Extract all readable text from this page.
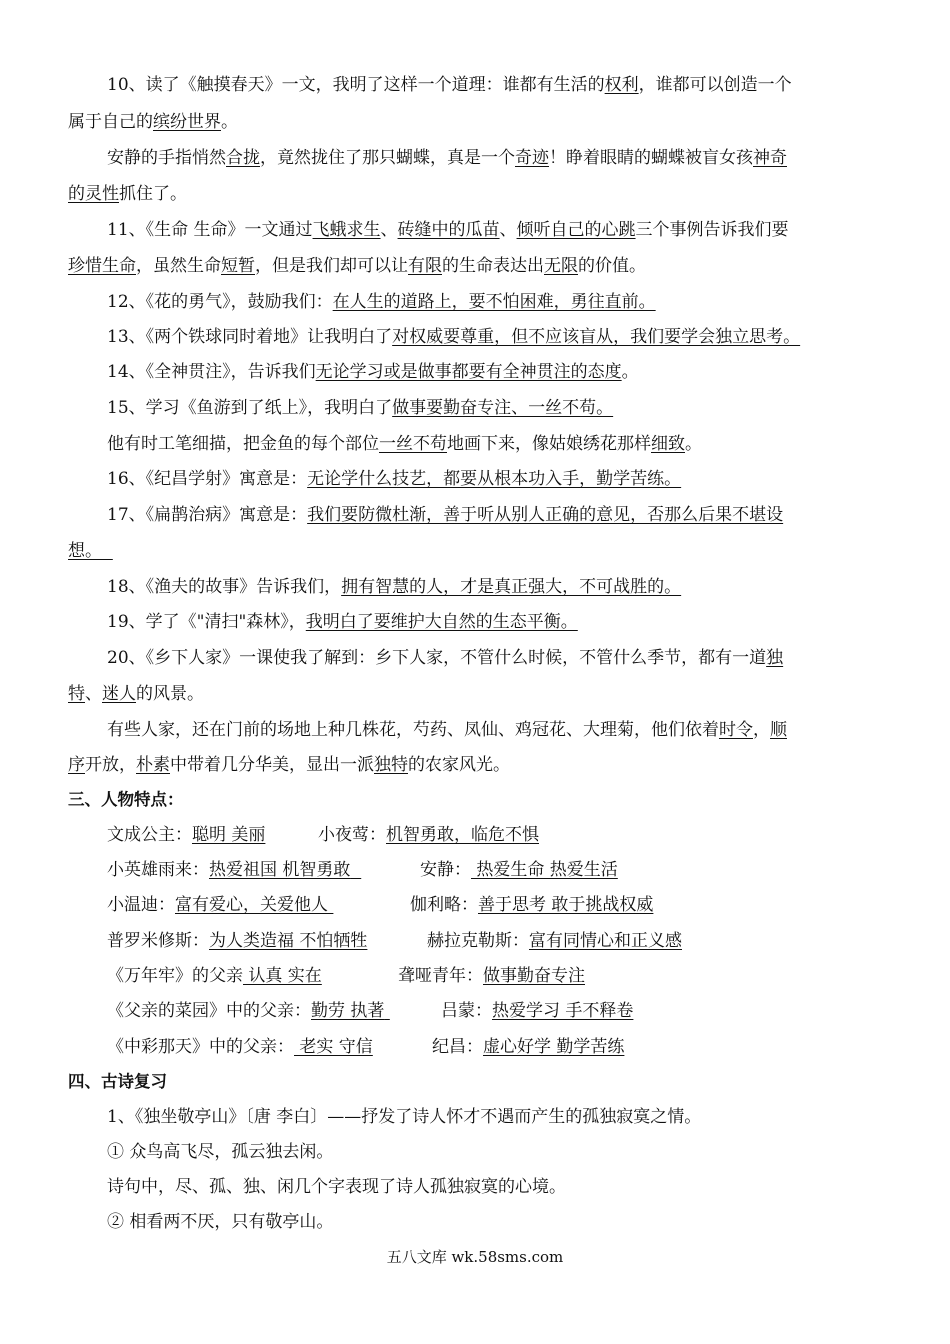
10、读了《触摸春天》一文，我明了这样一个道理：谁都有生活的权利，谁都可以创造一个
属于自己的缤纷世界。
安静的手指悄然合拢，竟然拢住了那只蝴蝶，真是一个奇迹！睁着眼睛的蝴蝶被盲女孩神奇
的灵性抓住了。
11、《生命 生命》一文通过飞蛾求生、砖缝中的瓜苗、倾听自己的心跳三个事例告诉我们要
珍惜生命，虽然生命短暂，但是我们却可以让有限的生命表达出无限的价值。
12、《花的勇气》，鼓励我们：在人生的道路上，要不怕困难，勇往直前。
13、《两个铁球同时着地》让我明白了对权威要尊重，但不应该盲从，我们要学会独立思考。
14、《全神贯注》，告诉我们无论学习或是做事都要有全神贯注的态度。
15、学习《鱼游到了纸上》，我明白了做事要勤奋专注、一丝不苟。
他有时工笔细描，把金鱼的每个部位一丝不苟地画下来，像姑娘绣花那样细致。
16、《纪昌学射》寓意是：无论学什么技艺，都要从根本功入手，勤学苦练。
17、《扁鹊治病》寓意是：我们要防微杜渐，善于听从别人正确的意见，否那么后果不堪设
想。
18、《渔夫的故事》告诉我们，拥有智慧的人，才是真正强大，不可战胜的。
19、学了《"清扫"森林》，我明白了要维护大自然的生态平衡。
20、《乡下人家》一课使我了解到：乡下人家，不管什么时候，不管什么季节，都有一道独
特、迷人的风景。
有些人家，还在门前的场地上种几株花，芍药、凤仙、鸡冠花、大理菊，他们依着时令，顺
序开放，朴素中带着几分华美，显出一派独特的农家风光。
三、人物特点：
文成公主：聪明 美丽	小夜莺：机智勇敢，临危不惧
小英雄雨来：热爱祖国 机智勇敢	安静： 热爱生命 热爱生活
小温迪：富有爱心，关爱他人	伽利略：善于思考 敢于挑战权威
普罗米修斯：为人类造福 不怕牺牲	赫拉克勒斯：富有同情心和正义感
《万年牢》的父亲 认真 实在	聋哑青年：做事勤奋专注
《父亲的菜园》中的父亲：勤劳 执著	吕蒙：热爱学习 手不释卷
《中彩那天》中的父亲： 老实 守信	纪昌：虚心好学 勤学苦练
四、古诗复习
1、《独坐敬亭山》〔唐 李白〕——抒发了诗人怀才不遇而产生的孤独寂寞之情。
① 众鸟高飞尽，孤云独去闲。
诗句中，尽、孤、独、闲几个字表现了诗人孤独寂寞的心境。
② 相看两不厌，只有敬亭山。
五八文库 wk.58sms.com
